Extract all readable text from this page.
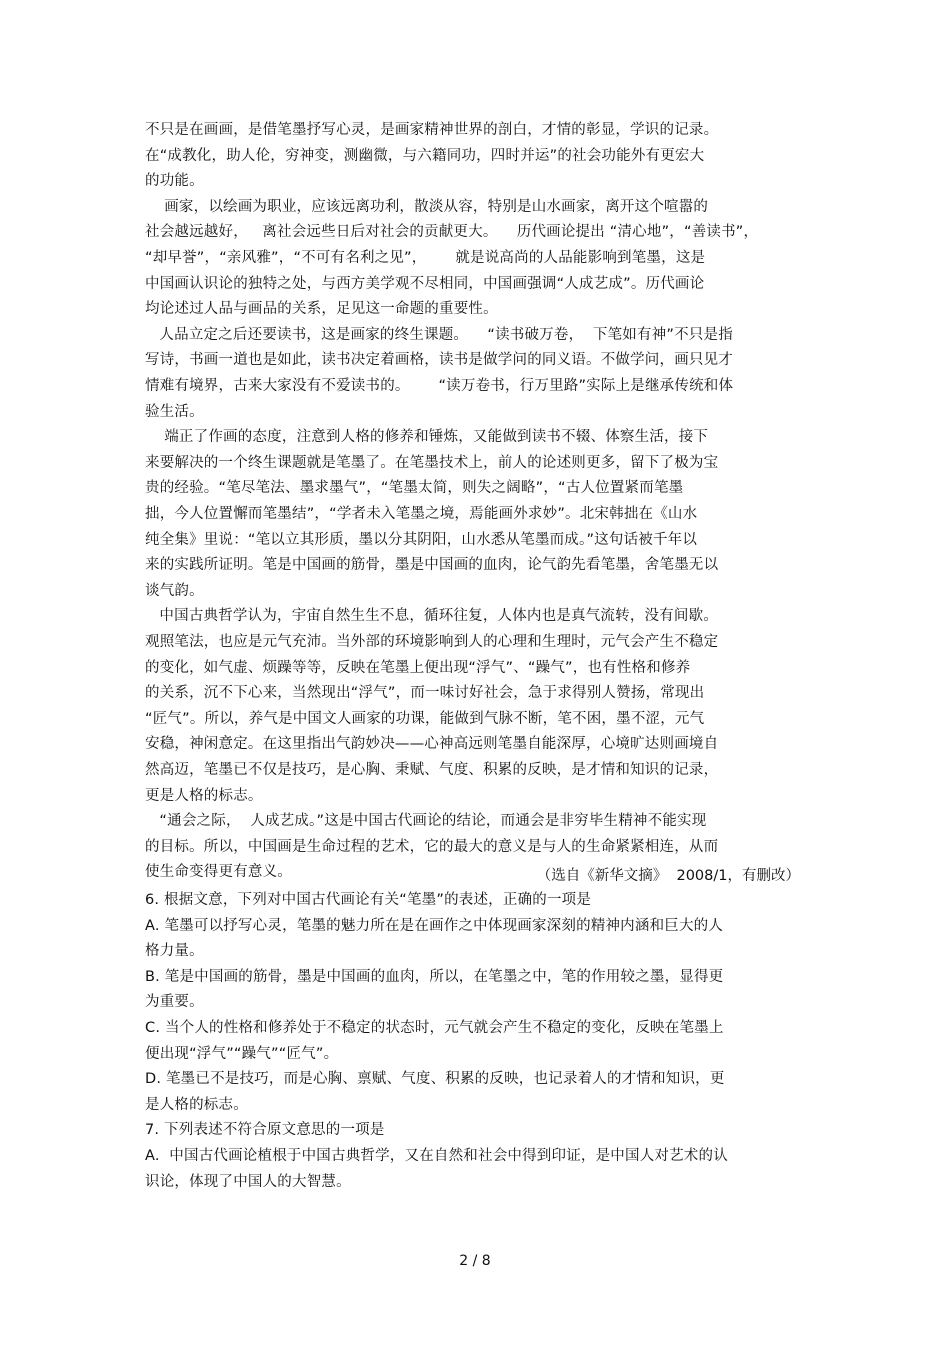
不只是在画画，是借笔墨抒写心灵，是画家精神世界的剖白，才情的彰显，学识的记录。
在“成教化，助人伦，穷神变，测幽微，与六籍同功，四时并运”的社会功能外有更宏大
的功能。
画家，以绘画为职业，应该远离功利，散淡从容，特别是山水画家，离开这个喧嚣的
社会越远越好，   离社会远些日后对社会的贡献更大。    历代画论提出 “清心地”，“善读书”，
“却早誉”，“亲风雅”，“不可有名利之见”，      就是说高尚的人品能影响到笔墨，这是
中国画认识论的独特之处，与西方美学观不尽相同，中国画强调“人成艺成”。历代画论
均论述过人品与画品的关系，足见这一命题的重要性。
人品立定之后还要读书，这是画家的终生课题。    “读书破万卷，  下笔如有神”不只是指
写诗，书画一道也是如此，读书决定着画格，读书是做学问的同义语。不做学问，画只见才
情难有境界，古来大家没有不爱读书的。      “读万卷书，行万里路”实际上是继承传统和体
验生活。
端正了作画的态度，注意到人格的修养和锤炼，又能做到读书不辍、体察生活，接下
来要解决的一个终生课题就是笔墨了。在笔墨技术上，前人的论述则更多，留下了极为宝
贵的经验。“笔尽笔法、墨求墨气”，“笔墨太简，则失之阔略”，“古人位置紧而笔墨
拙，今人位置懈而笔墨结”，“学者未入笔墨之境，焉能画外求妙”。北宋韩拙在《山水
纯全集》里说：“笔以立其形质，墨以分其阴阳，山水悉从笔墨而成。”这句话被千年以
来的实践所证明。笔是中国画的筋骨，墨是中国画的血肉，论气韵先看笔墨，舍笔墨无以
谈气韵。
中国古典哲学认为，宇宙自然生生不息，循环往复，人体内也是真气流转，没有间歇。
观照笔法，也应是元气充沛。当外部的环境影响到人的心理和生理时，元气会产生不稳定
的变化，如气虚、烦躁等等，反映在笔墨上便出现“浮气”、“躁气”，也有性格和修养
的关系，沉不下心来，当然现出“浮气”，而一味讨好社会，急于求得别人赞扬，常现出
“匠气”。所以，养气是中国文人画家的功课，能做到气脉不断，笔不困，墨不涩，元气
安稳，神闲意定。在这里指出气韵妙决——心神高远则笔墨自能深厚，心境旷达则画境自
然高迈，笔墨已不仅是技巧，是心胸、秉赋、气度、积累的反映，是才情和知识的记录，
更是人格的标志。
“通会之际，  人成艺成。”这是中国古代画论的结论，而通会是非穷毕生精神不能实现
的目标。所以，中国画是生命过程的艺术，它的最大的意义是与人的生命紧紧相连，从而
使生命变得更有意义。	（选自《新华文摘》  2008/1，有删改）
6. 根据文意，下列对中国古代画论有关“笔墨”的表述，正确的一项是
A. 笔墨可以抒写心灵，笔墨的魅力所在是在画作之中体现画家深刻的精神内涵和巨大的人
格力量。
B. 笔是中国画的筋骨，墨是中国画的血肉，所以，在笔墨之中，笔的作用较之墨，显得更
为重要。
C. 当个人的性格和修养处于不稳定的状态时，元气就会产生不稳定的变化，反映在笔墨上
便出现“浮气”“躁气”“匠气”。
D. 笔墨已不是技巧，而是心胸、禀赋、气度、积累的反映，也记录着人的才情和知识，更
是人格的标志。
7. 下列表述不符合原文意思的一项是
A.  中国古代画论植根于中国古典哲学，又在自然和社会中得到印证，是中国人对艺术的认
识论，体现了中国人的大智慧。
2 / 8
